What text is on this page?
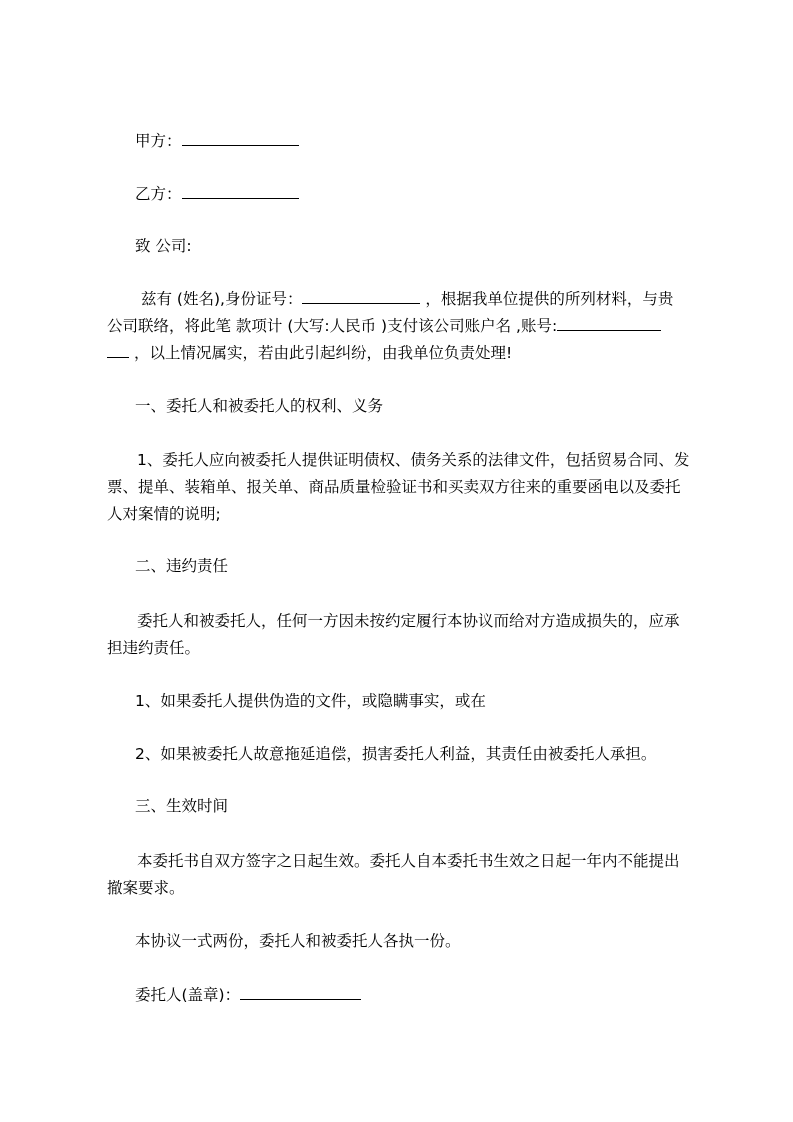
甲方：
乙方：
致 公司:
兹有 (姓名),身份证号：	，根据我单位提供的所列材料，与贵
公司联络，将此笔 款项计 (大写:人民币 )支付该公司账户名 ,账号:
，以上情况属实，若由此引起纠纷，由我单位负责处理!
一、委托人和被委托人的权利、义务
1、委托人应向被委托人提供证明债权、债务关系的法律文件，包括贸易合同、发
票、提单、装箱单、报关单、商品质量检验证书和买卖双方往来的重要函电以及委托
人对案情的说明;
二、违约责任
委托人和被委托人，任何一方因未按约定履行本协议而给对方造成损失的，应承
担违约责任。
1、如果委托人提供伪造的文件，或隐瞒事实，或在
2、如果被委托人故意拖延追偿，损害委托人利益，其责任由被委托人承担。
三、生效时间
本委托书自双方签字之日起生效。委托人自本委托书生效之日起一年内不能提出
撤案要求。
本协议一式两份，委托人和被委托人各执一份。
委托人(盖章)：
